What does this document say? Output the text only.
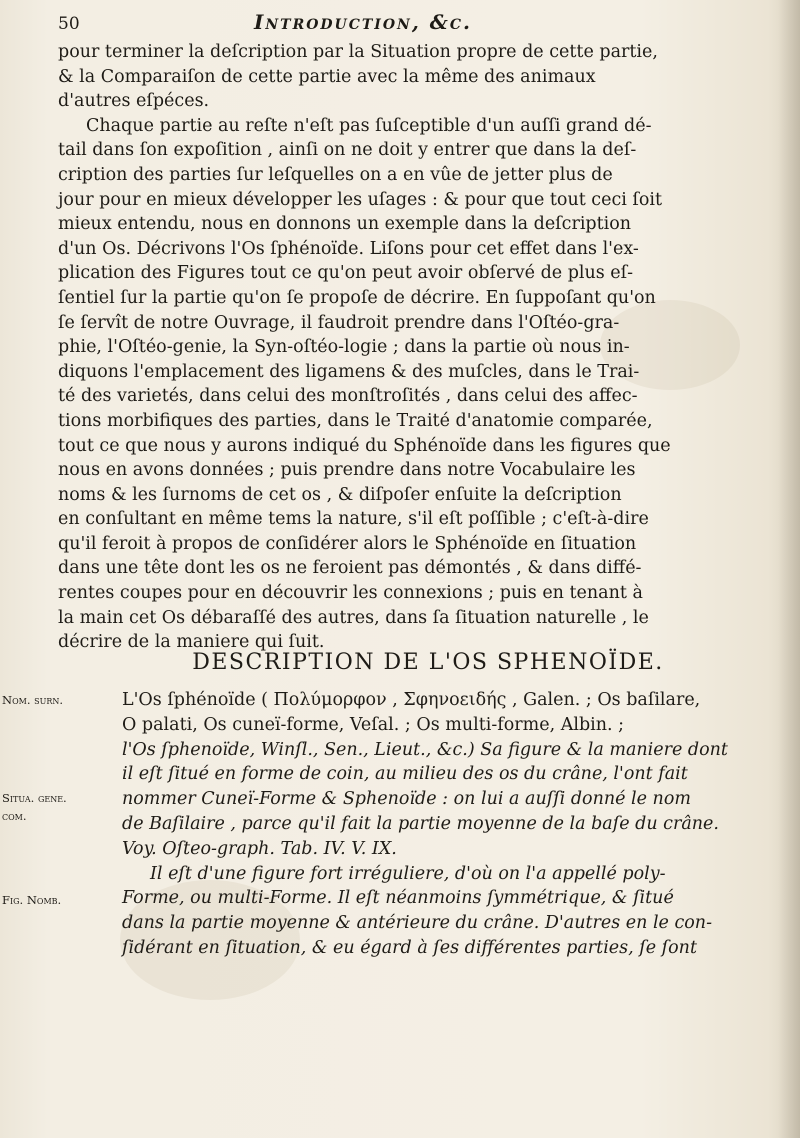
50	Introduction, &c.

pour terminer la deſcription par la Situation propre de cette partie,

& la Comparaiſon de cette partie avec la même des animaux

d'autres eſpéces.

Chaque partie au reſte n'eſt pas ſuſceptible d'un auſſi grand dé-

tail dans ſon expoſition , ainſi on ne doit y entrer que dans la deſ-

cription des parties ſur leſquelles on a en vûe de jetter plus de

jour pour en mieux développer les uſages : & pour que tout ceci ſoit

mieux entendu, nous en donnons un exemple dans la deſcription

d'un Os. Décrivons l'Os ſphénoïde. Liſons pour cet effet dans l'ex-

plication des Figures tout ce qu'on peut avoir obſervé de plus eſ-

ſentiel ſur la partie qu'on ſe propoſe de décrire. En ſuppoſant qu'on

ſe ſervît de notre Ouvrage, il faudroit prendre dans l'Oſtéo-gra-

phie, l'Oſtéo-genie, la Syn-oſtéo-logie ; dans la partie où nous in-

diquons l'emplacement des ligamens & des muſcles, dans le Trai-

té des varietés, dans celui des monſtroſités , dans celui des affec-

tions morbifiques des parties, dans le Traité d'anatomie comparée,

tout ce que nous y aurons indiqué du Sphénoïde dans les figures que

nous en avons données ; puis prendre dans notre Vocabulaire les

noms & les ſurnoms de cet os , & diſpoſer enſuite la deſcription

en conſultant en même tems la nature, s'il eſt poſſible ; c'eſt-à-dire

qu'il feroit à propos de conſidérer alors le Sphénoïde en ſituation

dans une tête dont les os ne feroient pas démontés , & dans diffé-

rentes coupes pour en découvrir les connexions ; puis en tenant à

la main cet Os débaraſſé des autres, dans ſa ſituation naturelle , le

décrire de la maniere qui ſuit.

DESCRIPTION DE L'OS SPHENOÏDE.
Nom. ſurn.
Situa. gene.
com.
Fig. Nomb.

L'Os ſphénoïde ( Πολύμορφον , Σφηνοειδής , Galen. ; Os baſilare,

O palati, Os cuneï-forme, Veſal. ; Os multi-forme, Albin. ;

l'Os ſphenoïde, Winſl., Sen., Lieut., &c.) Sa figure & la maniere dont

il eſt ſitué en forme de coin, au milieu des os du crâne, l'ont fait

nommer Cuneï-Forme & Sphenoïde : on lui a auſſi donné le nom

de Baſilaire , parce qu'il fait la partie moyenne de la baſe du crâne.

Voy. Oſteo-graph. Tab. IV. V. IX.

Il eſt d'une figure fort irréguliere, d'où on l'a appellé poly-

Forme, ou multi-Forme. Il eſt néanmoins ſymmétrique, & ſitué

dans la partie moyenne & antérieure du crâne. D'autres en le con-

ſidérant en ſituation, & eu égard à ſes différentes parties, ſe ſont
